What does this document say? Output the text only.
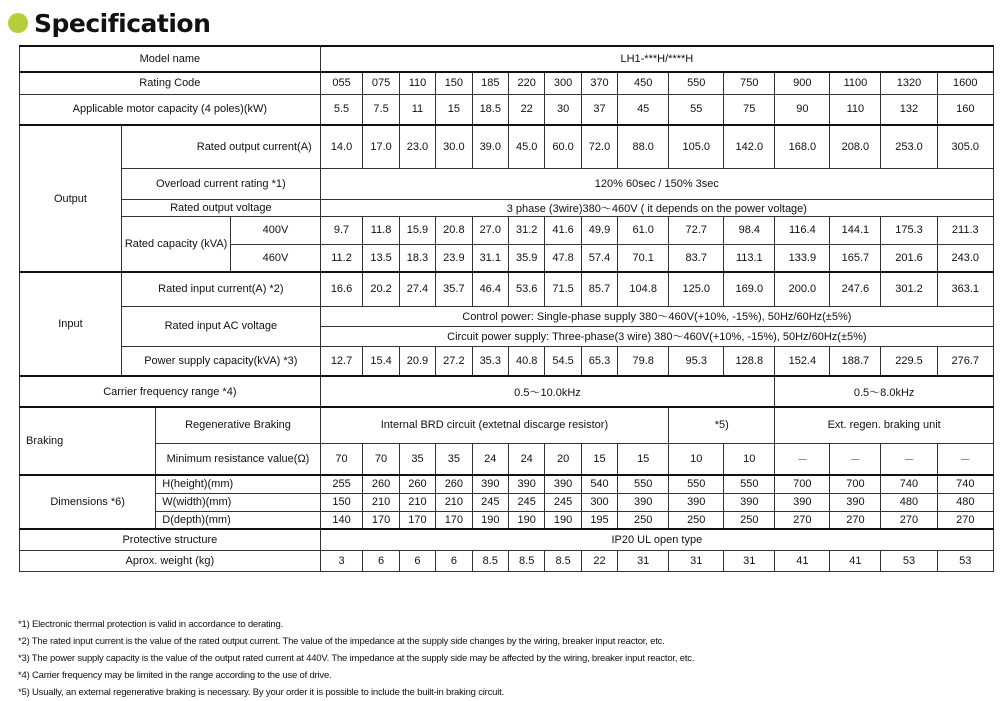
Specification
Model name				LH1-***H/****H														
Rating Code				055	075	110	150	185	220	300	370	450	550	750	900	1100	1320	1600
Applicable motor capacity (4 poles)(kW)				5.5	7.5	11	15	18.5	22	30	37	45	55	75	90	110	132	160
Output	Rated output current(A)			14.0	17.0	23.0	30.0	39.0	45.0	60.0	72.0	88.0	105.0	142.0	168.0	208.0	253.0	305.0
	Overload current rating *1)			120% 60sec / 150% 3sec														
	Rated output voltage			3 phase (3wire)380～460V ( it depends on the power voltage)														
	Rated capacity (kVA)		400V	9.7	11.8	15.9	20.8	27.0	31.2	41.6	49.9	61.0	72.7	98.4	116.4	144.1	175.3	211.3
			460V	11.2	13.5	18.3	23.9	31.1	35.9	47.8	57.4	70.1	83.7	113.1	133.9	165.7	201.6	243.0
Input	Rated input current(A) *2)			16.6	20.2	27.4	35.7	46.4	53.6	71.5	85.7	104.8	125.0	169.0	200.0	247.6	301.2	363.1
	Rated input AC voltage			Control power: Single-phase supply 380～460V(+10%, -15%), 50Hz/60Hz(±5%)														
				Circuit power supply: Three-phase(3 wire) 380～460V(+10%, -15%), 50Hz/60Hz(±5%)														
	Power supply capacity(kVA) *3)			12.7	15.4	20.9	27.2	35.3	40.8	54.5	65.3	79.8	95.3	128.8	152.4	188.7	229.5	276.7
Carrier frequency range *4)				0.5～10.0kHz											0.5～8.0kHz			
Braking		Regenerative Braking		Internal BRD circuit (extetnal discarge resistor)									*5)		Ext. regen. braking unit			
		Minimum resistance value(Ω)		70	70	35	35	24	24	20	15	15	10	10	－	－	－	－
Dimensions *6)		H(height)(mm)		255	260	260	260	390	390	390	540	550	550	550	700	700	740	740
		W(width)(mm)		150	210	210	210	245	245	245	300	390	390	390	390	390	480	480
		D(depth)(mm)		140	170	170	170	190	190	190	195	250	250	250	270	270	270	270
Protective structure				IP20 UL open type														
Aprox. weight (kg)				3	6	6	6	8.5	8.5	8.5	22	31	31	31	41	41	53	53
*1) Electronic thermal protection is valid in accordance to derating.
*2) The rated input current is the value of the rated output current. The value of the impedance at the supply side changes by the wiring, breaker input reactor, etc.
*3) The power supply capacity is the value of the output rated current at 440V. The impedance at the supply side may be affected by the wiring, breaker input reactor, etc.
*4) Carrier frequency may be limited in the range according to the use of drive.
*5) Usually, an external regenerative braking is necessary. By your order it is possible to include the built-in braking circuit.
